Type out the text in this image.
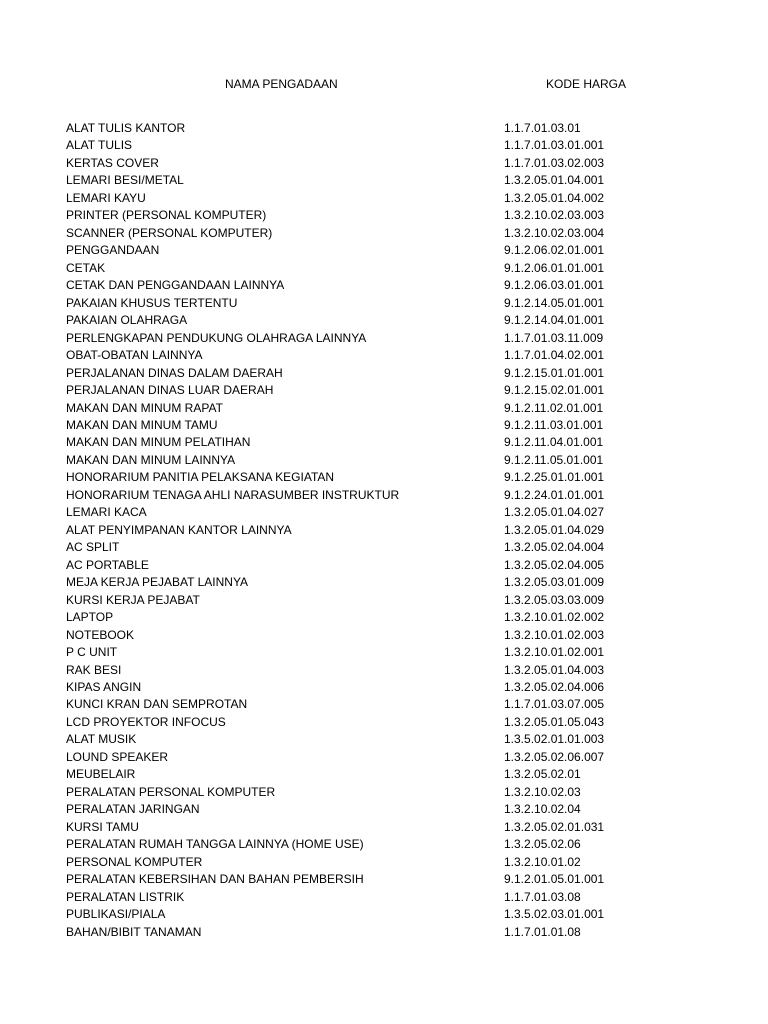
NAMA PENGADAAN	KODE HARGA
ALAT TULIS KANTOR	1.1.7.01.03.01
ALAT TULIS	1.1.7.01.03.01.001
KERTAS COVER	1.1.7.01.03.02.003
LEMARI BESI/METAL	1.3.2.05.01.04.001
LEMARI KAYU	1.3.2.05.01.04.002
PRINTER (PERSONAL KOMPUTER)	1.3.2.10.02.03.003
SCANNER (PERSONAL KOMPUTER)	1.3.2.10.02.03.004
PENGGANDAAN	9.1.2.06.02.01.001
CETAK	9.1.2.06.01.01.001
CETAK DAN PENGGANDAAN LAINNYA	9.1.2.06.03.01.001
PAKAIAN KHUSUS TERTENTU	9.1.2.14.05.01.001
PAKAIAN OLAHRAGA	9.1.2.14.04.01.001
PERLENGKAPAN PENDUKUNG OLAHRAGA LAINNYA	1.1.7.01.03.11.009
OBAT-OBATAN LAINNYA	1.1.7.01.04.02.001
PERJALANAN DINAS DALAM DAERAH	9.1.2.15.01.01.001
PERJALANAN DINAS LUAR DAERAH	9.1.2.15.02.01.001
MAKAN DAN MINUM RAPAT	9.1.2.11.02.01.001
MAKAN DAN MINUM TAMU	9.1.2.11.03.01.001
MAKAN DAN MINUM PELATIHAN	9.1.2.11.04.01.001
MAKAN DAN MINUM LAINNYA	9.1.2.11.05.01.001
HONORARIUM PANITIA PELAKSANA KEGIATAN	9.1.2.25.01.01.001
HONORARIUM TENAGA AHLI NARASUMBER INSTRUKTUR	9.1.2.24.01.01.001
LEMARI KACA	1.3.2.05.01.04.027
ALAT PENYIMPANAN KANTOR LAINNYA	1.3.2.05.01.04.029
AC SPLIT	1.3.2.05.02.04.004
AC PORTABLE	1.3.2.05.02.04.005
MEJA KERJA PEJABAT LAINNYA	1.3.2.05.03.01.009
KURSI KERJA PEJABAT	1.3.2.05.03.03.009
LAPTOP	1.3.2.10.01.02.002
NOTEBOOK	1.3.2.10.01.02.003
P C UNIT	1.3.2.10.01.02.001
RAK BESI	1.3.2.05.01.04.003
KIPAS ANGIN	1.3.2.05.02.04.006
KUNCI KRAN DAN SEMPROTAN	1.1.7.01.03.07.005
LCD PROYEKTOR INFOCUS	1.3.2.05.01.05.043
ALAT MUSIK	1.3.5.02.01.01.003
LOUND SPEAKER	1.3.2.05.02.06.007
MEUBELAIR	1.3.2.05.02.01
PERALATAN PERSONAL KOMPUTER	1.3.2.10.02.03
PERALATAN JARINGAN	1.3.2.10.02.04
KURSI TAMU	1.3.2.05.02.01.031
PERALATAN RUMAH TANGGA LAINNYA (HOME USE)	1.3.2.05.02.06
PERSONAL KOMPUTER	1.3.2.10.01.02
PERALATAN KEBERSIHAN DAN BAHAN PEMBERSIH	9.1.2.01.05.01.001
PERALATAN LISTRIK	1.1.7.01.03.08
PUBLIKASI/PIALA	1.3.5.02.03.01.001
BAHAN/BIBIT TANAMAN	1.1.7.01.01.08
